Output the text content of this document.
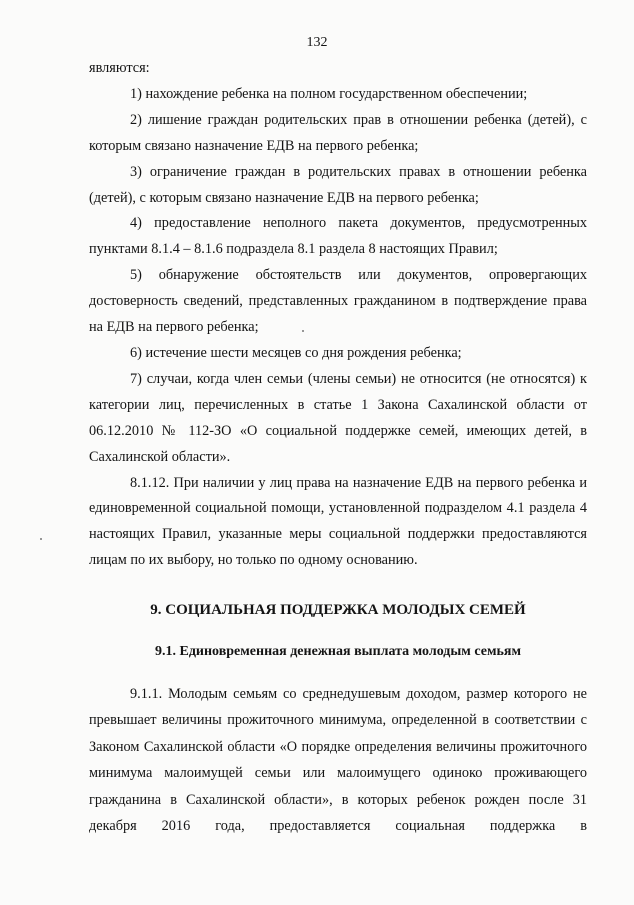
132

являются:

1) нахождение ребенка на полном государственном обеспечении;

2) лишение граждан родительских прав в отношении ребенка (детей), с которым связано назначение ЕДВ на первого ребенка;

3) ограничение граждан в родительских правах в отношении ребенка (детей), с которым связано назначение ЕДВ на первого ребенка;

4) предоставление неполного пакета документов, предусмотренных пунктами 8.1.4 – 8.1.6 подраздела 8.1 раздела 8 настоящих Правил;

5) обнаружение обстоятельств или документов, опровергающих достоверность сведений, представленных гражданином в подтверждение права на ЕДВ на первого ребенка;

6) истечение шести месяцев со дня рождения ребенка;

7) случаи, когда член семьи (члены семьи) не относится (не относятся) к категории лиц, перечисленных в статье 1 Закона Сахалинской области от 06.12.2010 № 112-ЗО «О социальной поддержке семей, имеющих детей, в Сахалинской области».

8.1.12. При наличии у лиц права на назначение ЕДВ на первого ребенка и единовременной социальной помощи, установленной подразделом 4.1 раздела 4 настоящих Правил, указанные меры социальной поддержки предоставляются лицам по их выбору, но только по одному основанию.

9. СОЦИАЛЬНАЯ ПОДДЕРЖКА МОЛОДЫХ СЕМЕЙ
9.1. Единовременная денежная выплата молодым семьям

9.1.1. Молодым семьям со среднедушевым доходом, размер которого не превышает величины прожиточного минимума, определенной в соответствии с Законом Сахалинской области «О порядке определения величины прожиточного минимума малоимущей семьи или малоимущего одиноко проживающего гражданина в Сахалинской области», в которых ребенок рожден после 31 декабря 2016 года, предоставляется социальная поддержка в
